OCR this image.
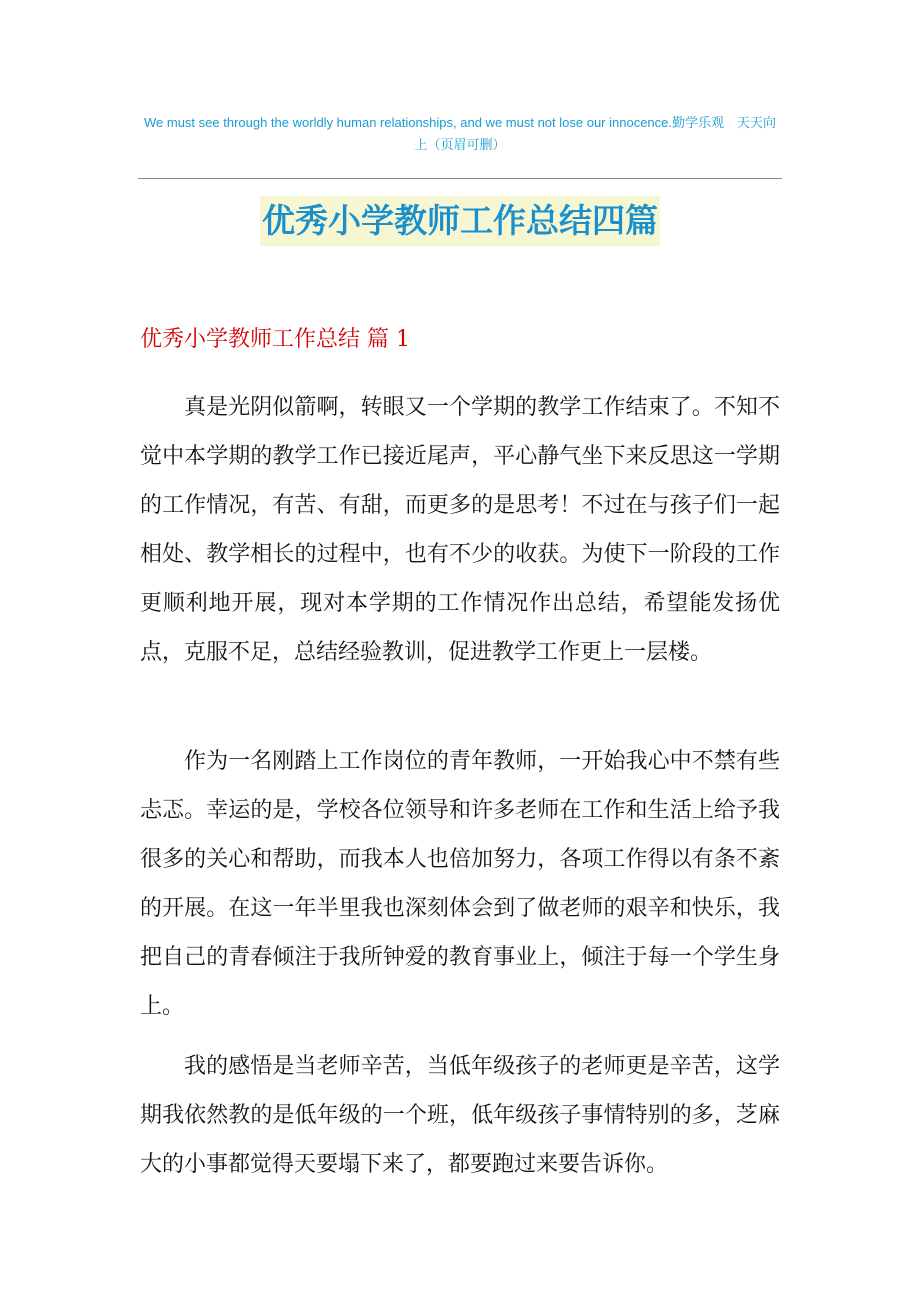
We must see through the worldly human relationships, and we must not lose our innocence.勤学乐观　天天向上（页眉可删）
优秀小学教师工作总结四篇
优秀小学教师工作总结 篇 1

真是光阴似箭啊，转眼又一个学期的教学工作结束了。不知不觉中本学期的教学工作已接近尾声，平心静气坐下来反思这一学期的工作情况，有苦、有甜，而更多的是思考！不过在与孩子们一起相处、教学相长的过程中，也有不少的收获。为使下一阶段的工作更顺利地开展，现对本学期的工作情况作出总结，希望能发扬优点，克服不足，总结经验教训，促进教学工作更上一层楼。

作为一名刚踏上工作岗位的青年教师，一开始我心中不禁有些忐忑。幸运的是，学校各位领导和许多老师在工作和生活上给予我很多的关心和帮助，而我本人也倍加努力，各项工作得以有条不紊的开展。在这一年半里我也深刻体会到了做老师的艰辛和快乐，我把自己的青春倾注于我所钟爱的教育事业上，倾注于每一个学生身上。

我的感悟是当老师辛苦，当低年级孩子的老师更是辛苦，这学期我依然教的是低年级的一个班，低年级孩子事情特别的多，芝麻大的小事都觉得天要塌下来了，都要跑过来要告诉你。
